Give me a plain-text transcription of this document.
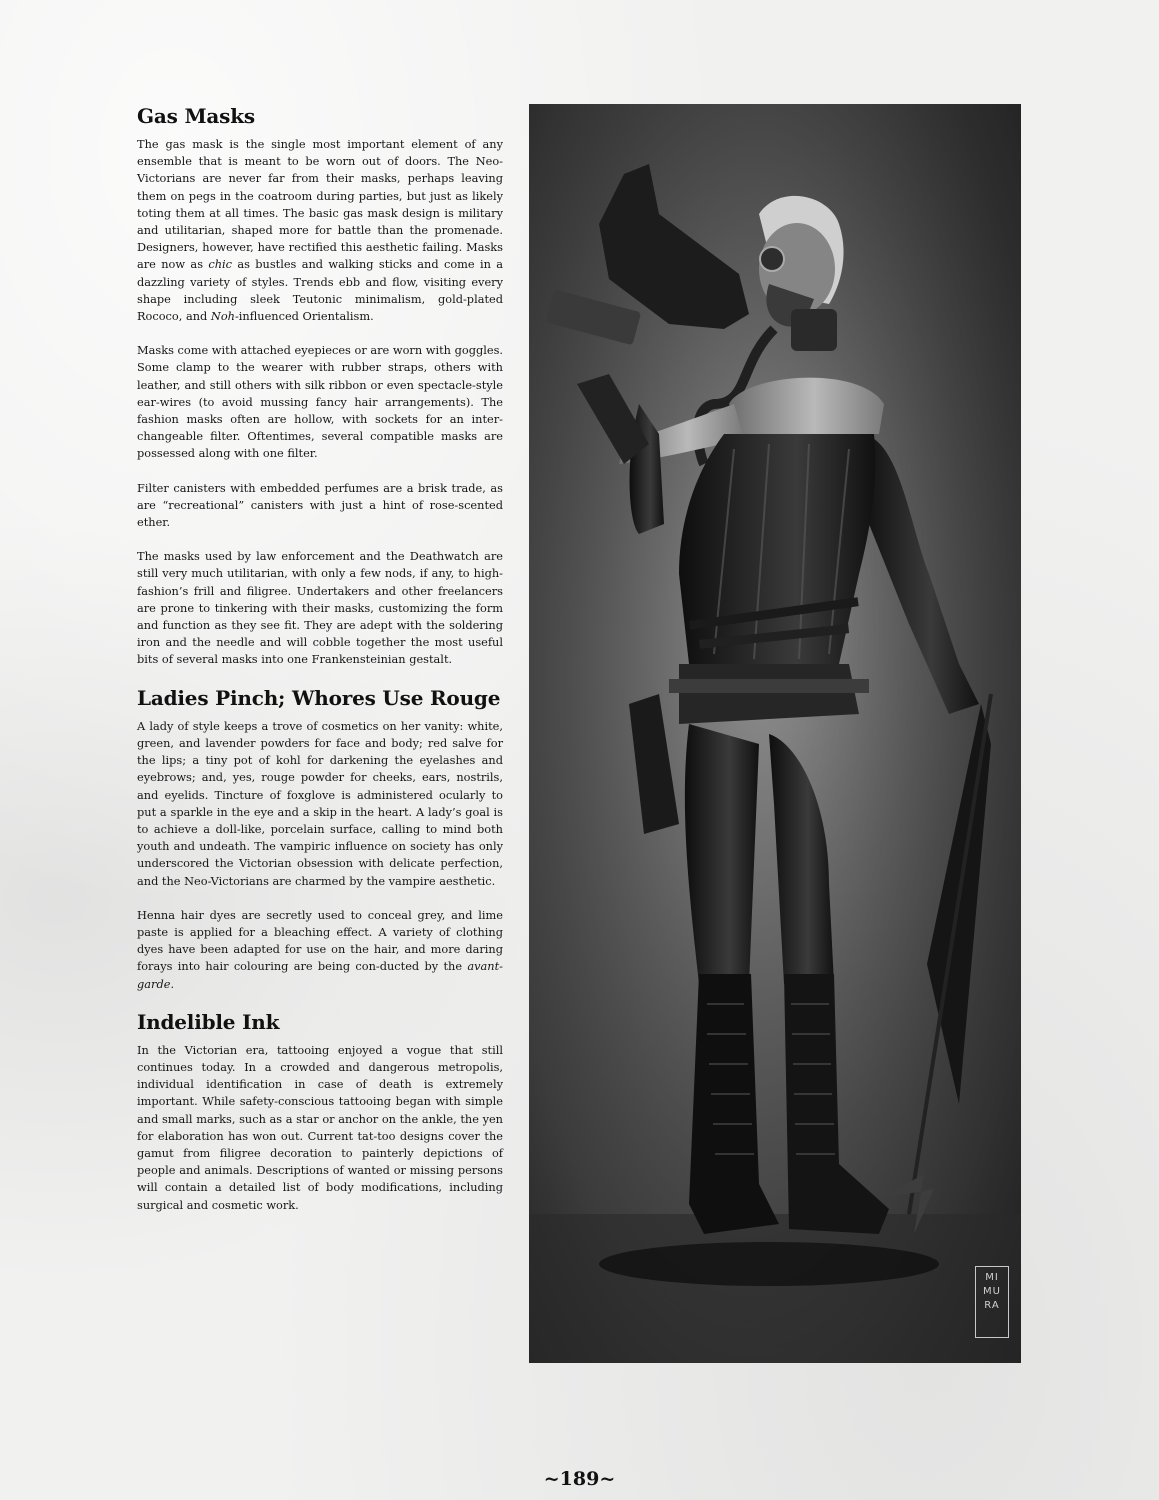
Gas Masks

The gas mask is the single most important element of any ensemble that is meant to be worn out of doors. The Neo-Victorians are never far from their masks, perhaps leaving them on pegs in the coatroom during parties, but just as likely toting them at all times. The basic gas mask design is military and utilitarian, shaped more for battle than the promenade. Designers, however, have rectified this aesthetic failing. Masks are now as chic as bustles and walking sticks and come in a dazzling variety of styles. Trends ebb and flow, visiting every shape including sleek Teutonic minimalism, gold-plated Rococo, and Noh-influenced Orientalism.

Masks come with attached eyepieces or are worn with goggles. Some clamp to the wearer with rubber straps, others with leather, and still others with silk ribbon or even spectacle-style ear-wires (to avoid mussing fancy hair arrangements). The fashion masks often are hollow, with sockets for an inter-changeable filter. Oftentimes, several compatible masks are possessed along with one filter.

Filter canisters with embedded perfumes are a brisk trade, as are “recreational” canisters with just a hint of rose-scented ether.

The masks used by law enforcement and the Deathwatch are still very much utilitarian, with only a few nods, if any, to high-fashion’s frill and filigree. Undertakers and other freelancers are prone to tinkering with their masks, customizing the form and function as they see fit. They are adept with the soldering iron and the needle and will cobble together the most useful bits of several masks into one Frankensteinian gestalt.

Ladies Pinch; Whores Use Rouge

A lady of style keeps a trove of cosmetics on her vanity: white, green, and lavender powders for face and body; red salve for the lips; a tiny pot of kohl for darkening the eyelashes and eyebrows; and, yes, rouge powder for cheeks, ears, nostrils, and eyelids. Tincture of foxglove is administered ocularly to put a sparkle in the eye and a skip in the heart. A lady’s goal is to achieve a doll-like, porcelain surface, calling to mind both youth and undeath. The vampiric influence on society has only underscored the Victorian obsession with delicate perfection, and the Neo-Victorians are charmed by the vampire aesthetic.

Henna hair dyes are secretly used to conceal grey, and lime paste is applied for a bleaching effect. A variety of clothing dyes have been adapted for use on the hair, and more daring forays into hair colouring are being con-ducted by the avant-garde.

Indelible Ink

In the Victorian era, tattooing enjoyed a vogue that still continues today. In a crowded and dangerous metropolis, individual identification in case of death is extremely important. While safety-conscious tattooing began with simple and small marks, such as a star or anchor on the ankle, the yen for elaboration has won out. Current tat-too designs cover the gamut from filigree decoration to painterly depictions of people and animals. Descriptions of wanted or missing persons will contain a detailed list of body modifications, including surgical and cosmetic work.

MI MU RA
~189~
